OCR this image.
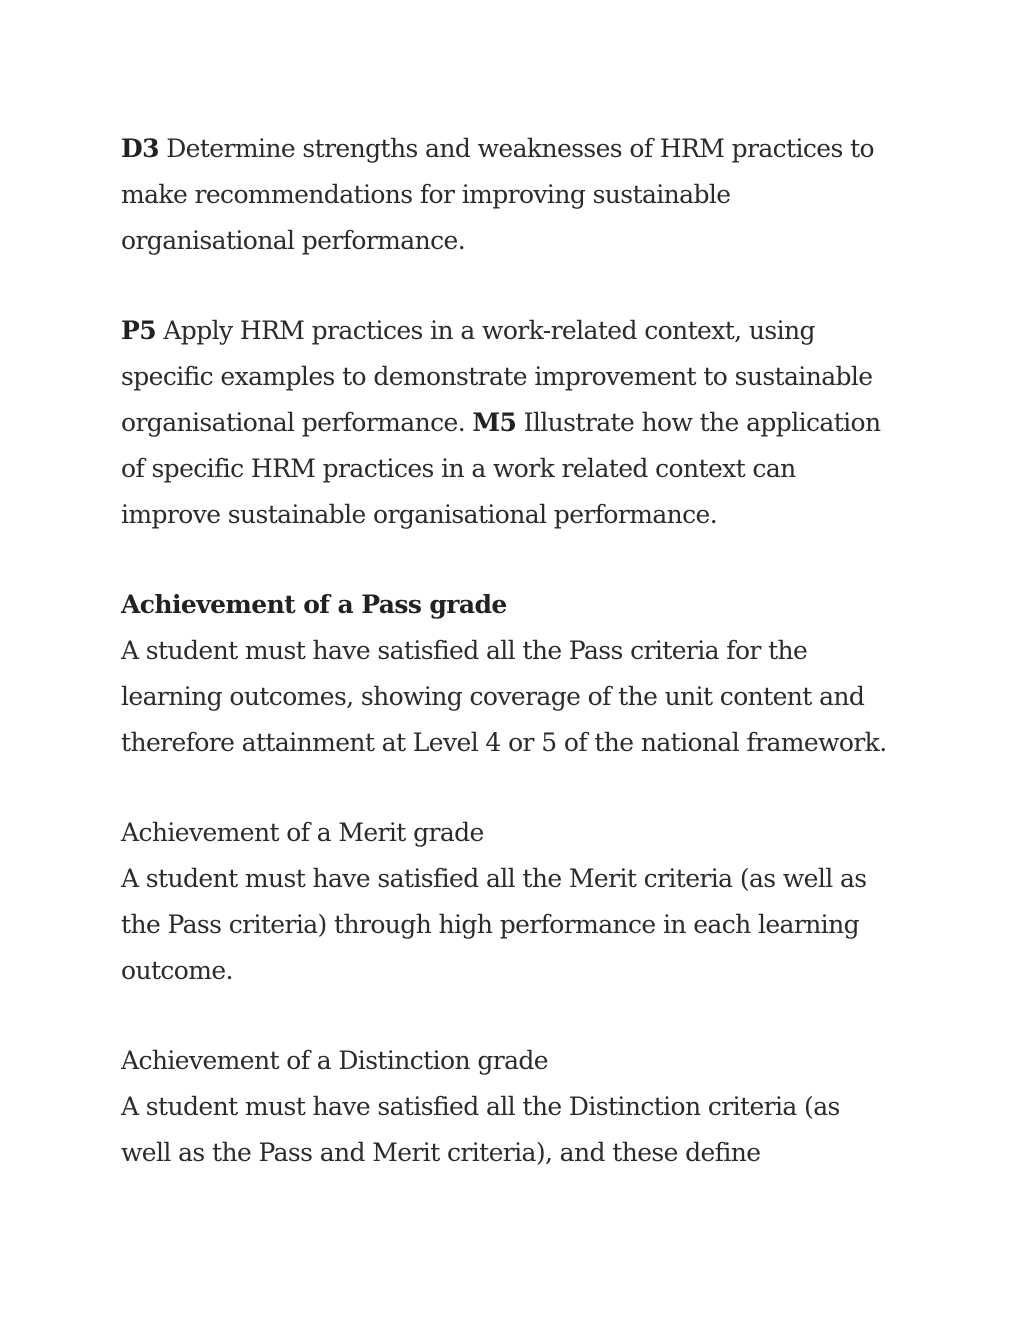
D3 Determine strengths and weaknesses of HRM practices to
make recommendations for improving sustainable
organisational performance.
P5 Apply HRM practices in a work-related context, using
specific examples to demonstrate improvement to sustainable
organisational performance. M5 Illustrate how the application
of specific HRM practices in a work related context can
improve sustainable organisational performance.
Achievement of a Pass grade
A student must have satisfied all the Pass criteria for the
learning outcomes, showing coverage of the unit content and
therefore attainment at Level 4 or 5 of the national framework.
Achievement of a Merit grade
A student must have satisfied all the Merit criteria (as well as
the Pass criteria) through high performance in each learning
outcome.
Achievement of a Distinction grade
A student must have satisfied all the Distinction criteria (as
well as the Pass and Merit criteria), and these define
